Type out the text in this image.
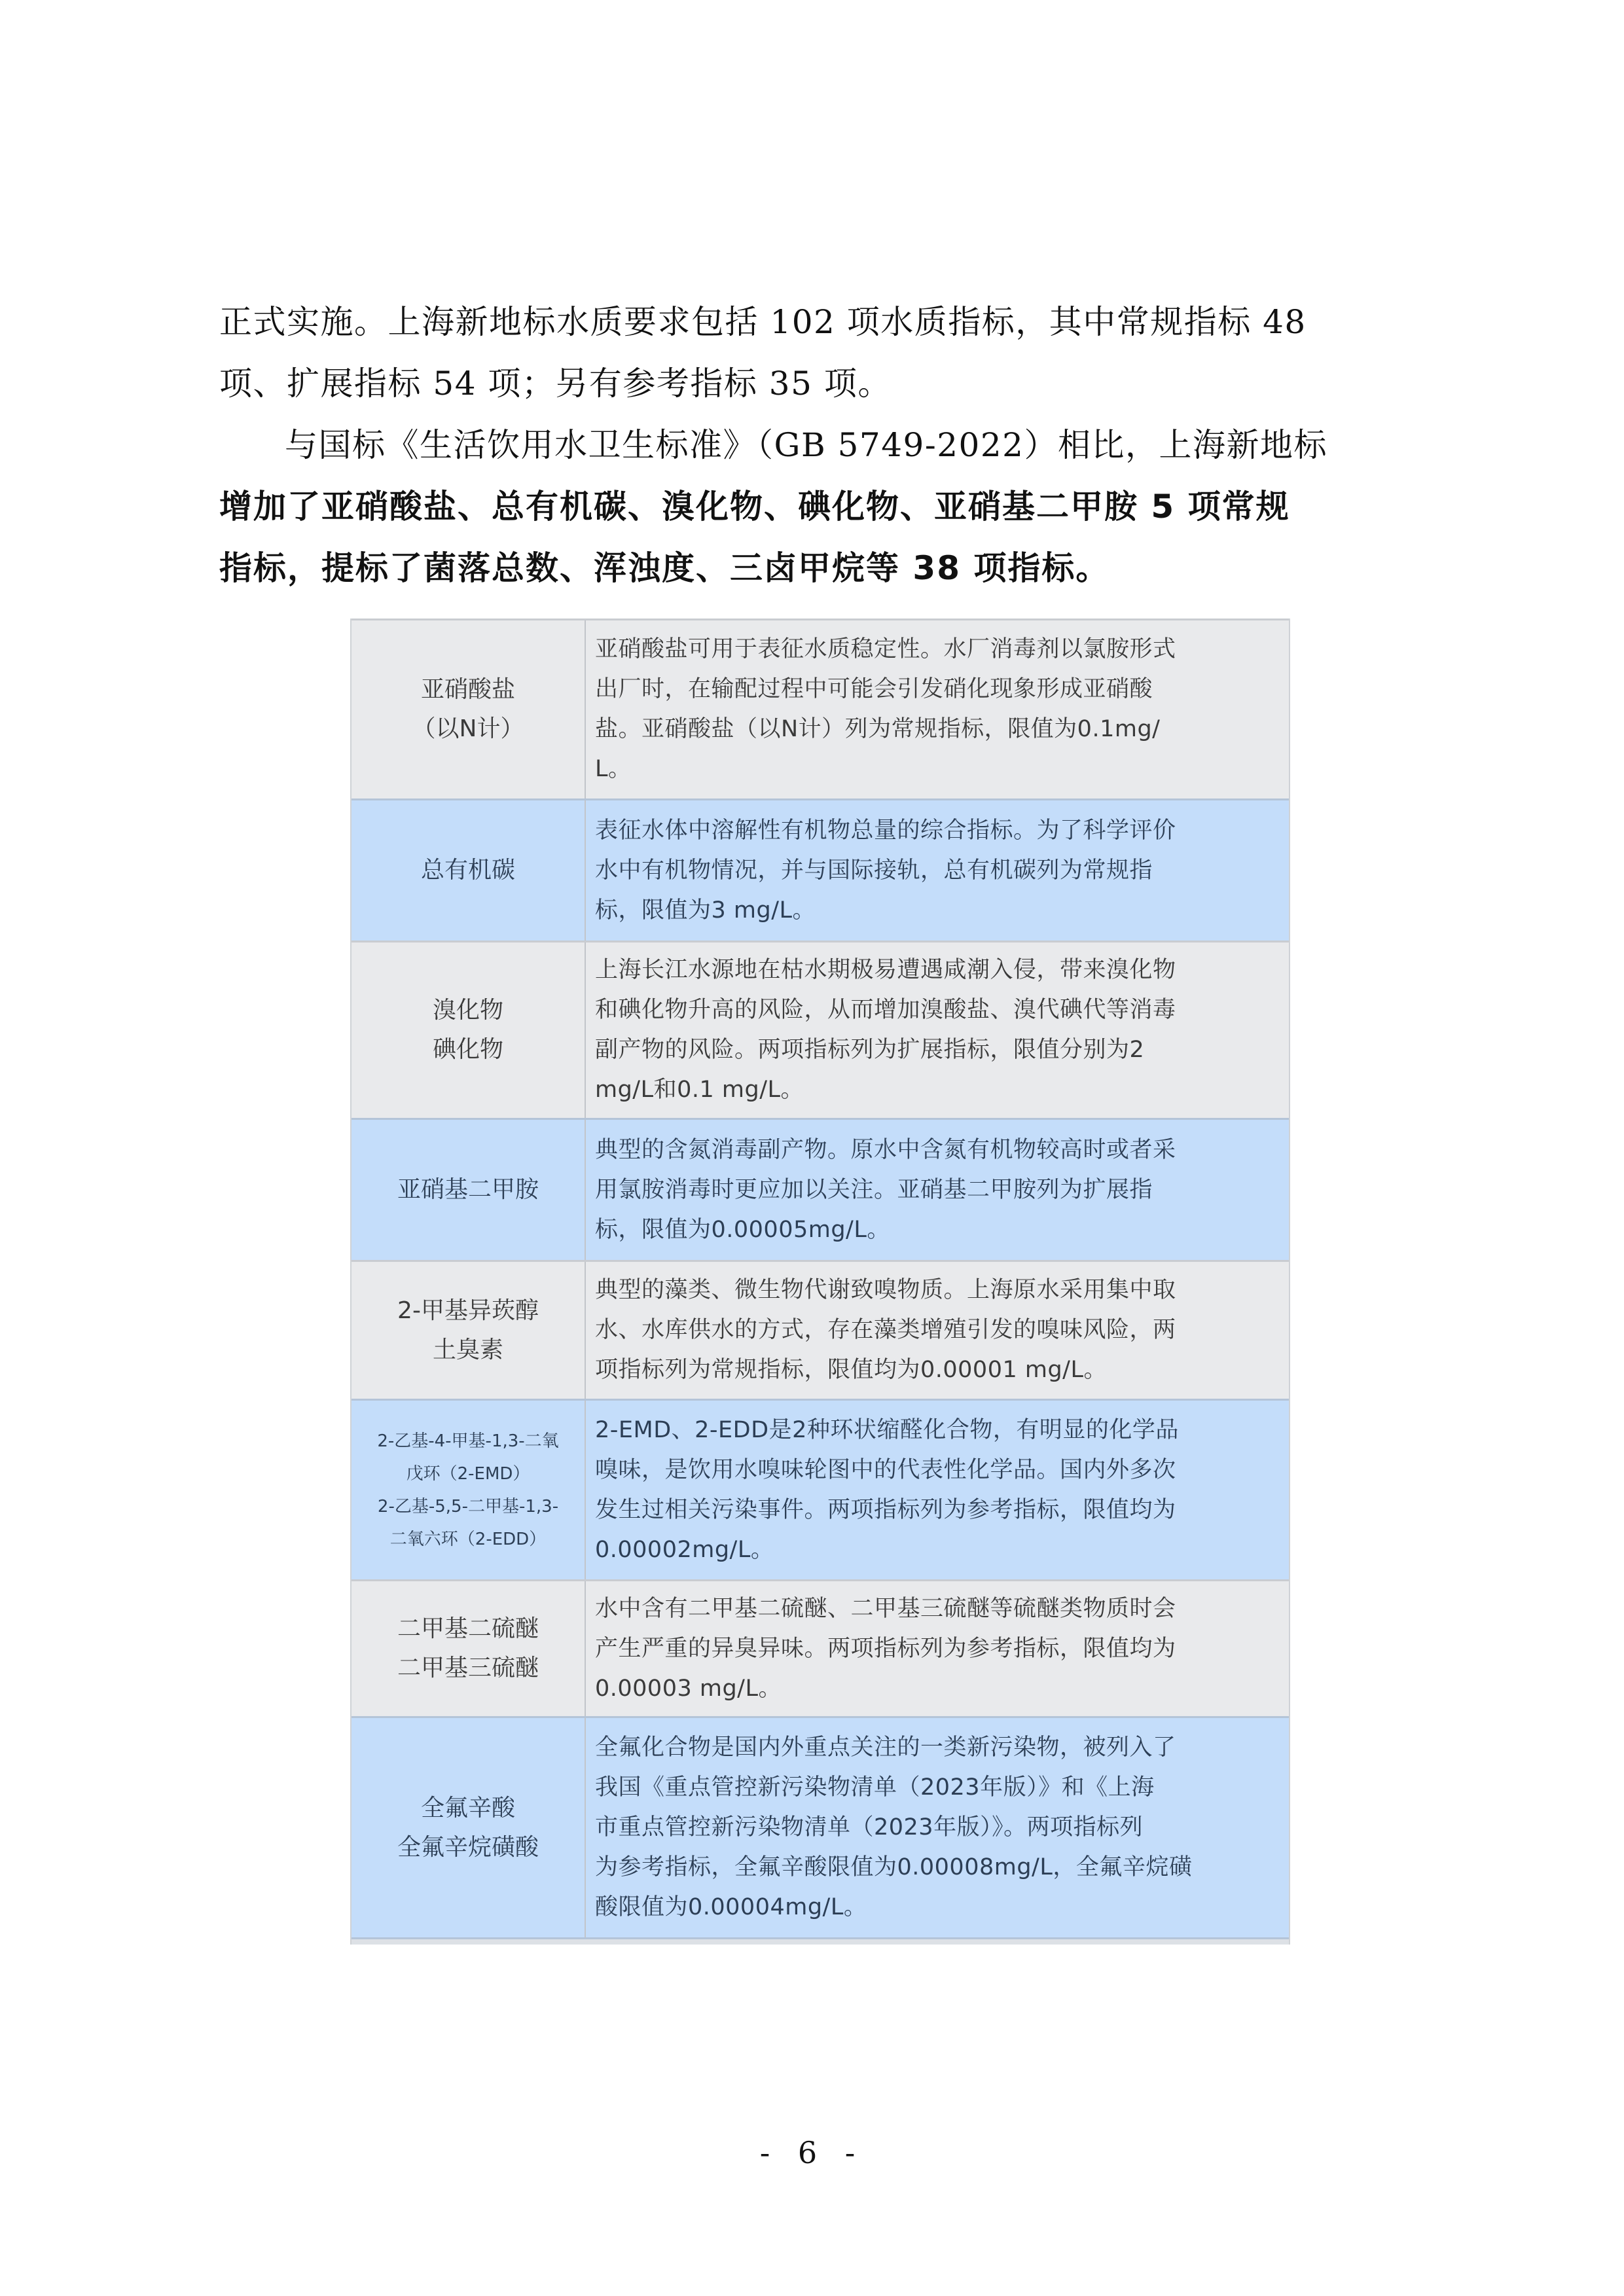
正式实施。上海新地标水质要求包括 102 项水质指标，其中常规指标 48
项、扩展指标 54 项；另有参考指标 35 项。
与国标《生活饮用水卫生标准》（GB 5749-2022）相比，上海新地标
增加了亚硝酸盐、总有机碳、溴化物、碘化物、亚硝基二甲胺 5 项常规
指标，提标了菌落总数、浑浊度、三卤甲烷等 38 项指标。
亚硝酸盐
（以N计）
亚硝酸盐可用于表征水质稳定性。水厂消毒剂以氯胺形式
出厂时，在输配过程中可能会引发硝化现象形成亚硝酸
盐。亚硝酸盐（以N计）列为常规指标，限值为0.1mg/
L。
总有机碳
表征水体中溶解性有机物总量的综合指标。为了科学评价
水中有机物情况，并与国际接轨，总有机碳列为常规指
标，限值为3 mg/L。
溴化物
碘化物
上海长江水源地在枯水期极易遭遇咸潮入侵，带来溴化物
和碘化物升高的风险，从而增加溴酸盐、溴代碘代等消毒
副产物的风险。两项指标列为扩展指标，限值分别为2
mg/L和0.1 mg/L。
亚硝基二甲胺
典型的含氮消毒副产物。原水中含氮有机物较高时或者采
用氯胺消毒时更应加以关注。亚硝基二甲胺列为扩展指
标，限值为0.00005mg/L。
2-甲基异莰醇
土臭素
典型的藻类、微生物代谢致嗅物质。上海原水采用集中取
水、水库供水的方式，存在藻类增殖引发的嗅味风险，两
项指标列为常规指标，限值均为0.00001 mg/L。
2-乙基-4-甲基-1,3-二氧
戊环（2-EMD）
2-乙基-5,5-二甲基-1,3-
二氧六环（2-EDD）
2-EMD、2-EDD是2种环状缩醛化合物，有明显的化学品
嗅味，是饮用水嗅味轮图中的代表性化学品。国内外多次
发生过相关污染事件。两项指标列为参考指标，限值均为
0.00002mg/L。
二甲基二硫醚
二甲基三硫醚
水中含有二甲基二硫醚、二甲基三硫醚等硫醚类物质时会
产生严重的异臭异味。两项指标列为参考指标，限值均为
0.00003 mg/L。
全氟辛酸
全氟辛烷磺酸
全氟化合物是国内外重点关注的一类新污染物，被列入了
我国《重点管控新污染物清单（2023年版）》和《上海
市重点管控新污染物清单（2023年版）》。两项指标列
为参考指标，全氟辛酸限值为0.00008mg/L，全氟辛烷磺
酸限值为0.00004mg/L。
- 6 -
